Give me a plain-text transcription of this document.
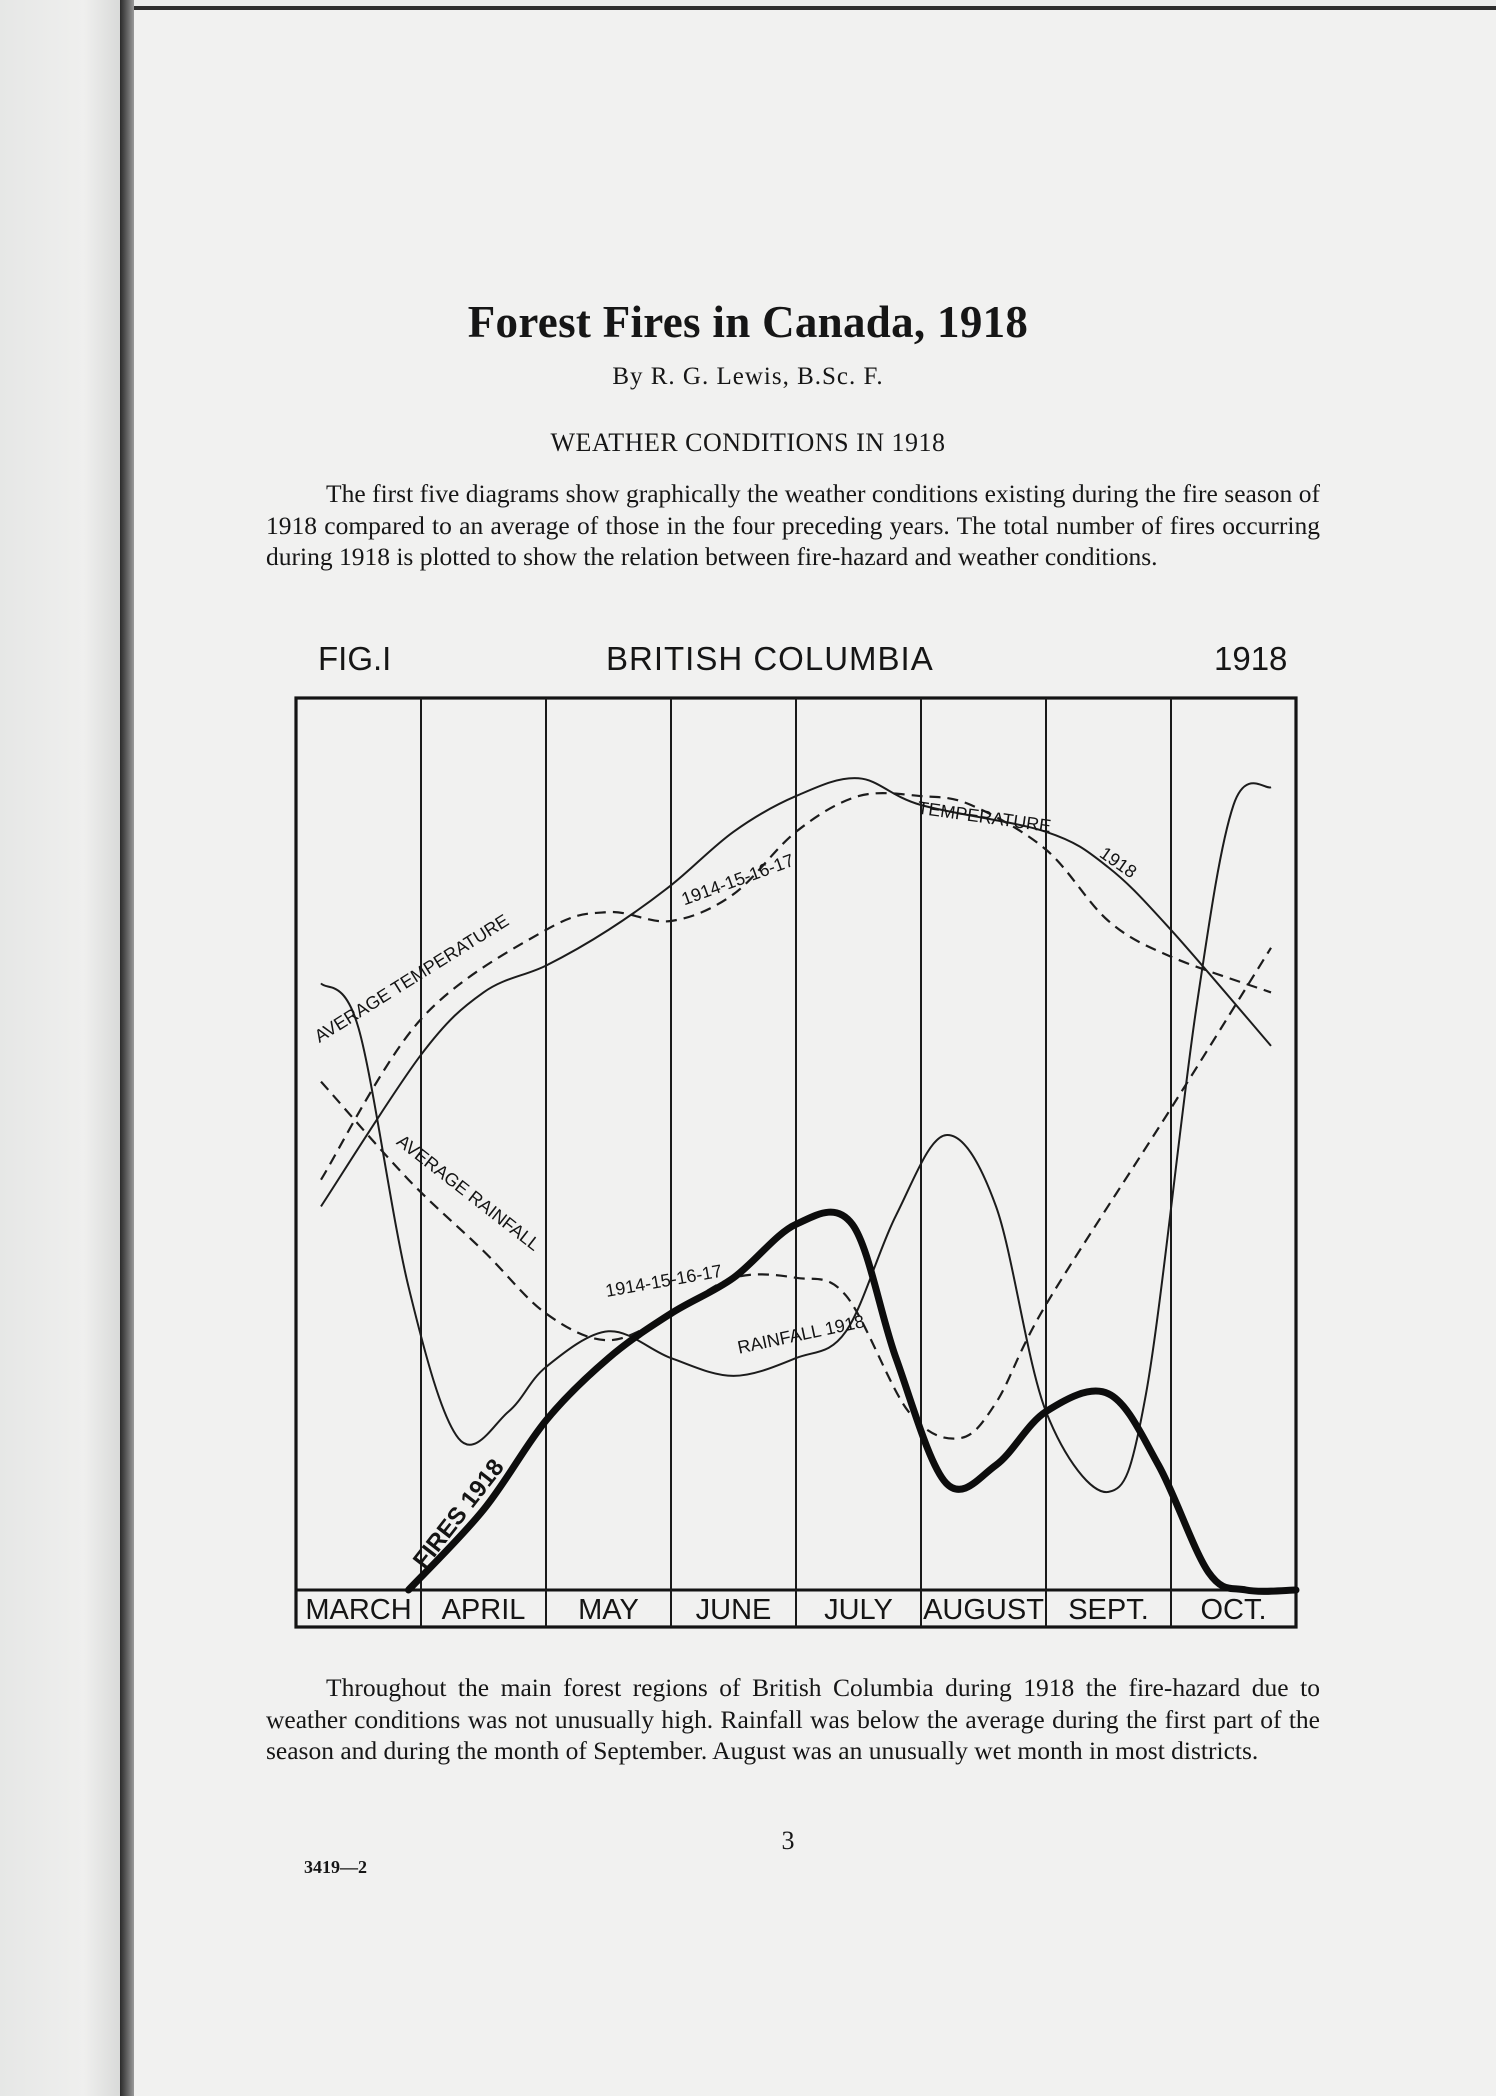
Forest Fires in Canada, 1918
By R. G. Lewis, B.Sc. F.
WEATHER CONDITIONS IN 1918
The first five diagrams show graphically the weather conditions existing during the fire season of 1918 compared to an average of those in the four preceding years. The total number of fires occurring during 1918 is plotted to show the relation between fire-hazard and weather conditions.
FIG.I	BRITISH COLUMBIA	1918
AVERAGE TEMPERATURE
1914-15-16-17
TEMPERATURE
1918
AVERAGE RAINFALL
1914-15-16-17
RAINFALL 1918
FIRES 1918
MARCH APRIL MAY JUNE JULY AUGUST SEPT. OCT.
Throughout the main forest regions of British Columbia during 1918 the fire-hazard due to weather conditions was not unusually high. Rainfall was below the average during the first part of the season and during the month of September. August was an unusually wet month in most districts.
3
3419—2
